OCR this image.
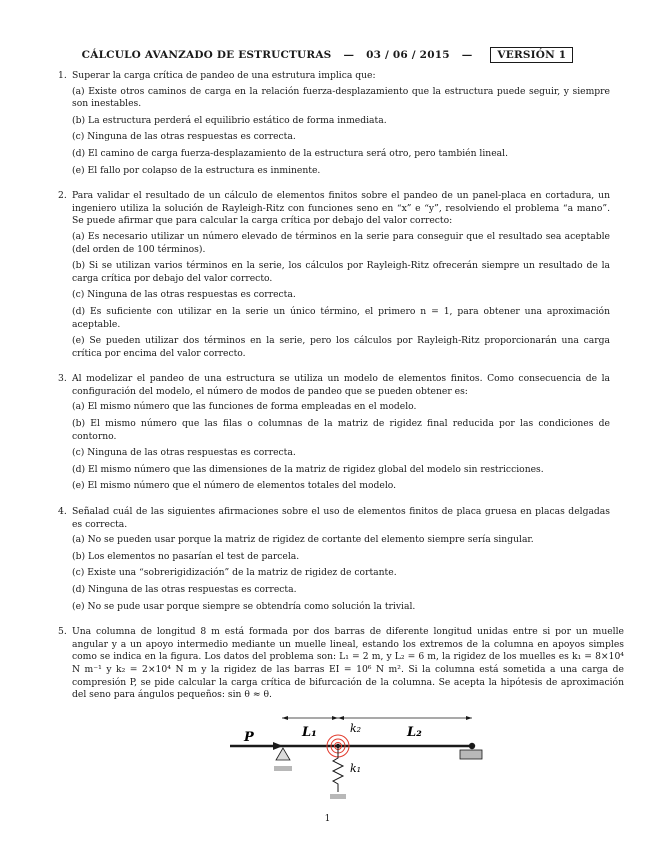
CÁLCULO AVANZADO DE ESTRUCTURAS — 03 / 06 / 2015 —	VERSIÓN 1
1. Superar la carga crítica de pandeo de una estrutura implica que:
(a) Existe otros caminos de carga en la relación fuerza-desplazamiento que la estructura puede seguir, y siempre son inestables.
(b) La estructura perderá el equilibrio estático de forma inmediata.
(c) Ninguna de las otras respuestas es correcta.
(d) El camino de carga fuerza-desplazamiento de la estructura será otro, pero también lineal.
(e) El fallo por colapso de la estructura es inminente.
2. Para validar el resultado de un cálculo de elementos finitos sobre el pandeo de un panel-placa en cortadura, un ingeniero utiliza la solución de Rayleigh-Ritz con funciones seno en “x” e “y”, resolviendo el problema “a mano”. Se puede afirmar que para calcular la carga crítica por debajo del valor correcto:
(a) Es necesario utilizar un número elevado de términos en la serie para conseguir que el resultado sea aceptable (del orden de 100 términos).
(b) Si se utilizan varios términos en la serie, los cálculos por Rayleigh-Ritz ofrecerán siempre un resultado de la carga crítica por debajo del valor correcto.
(c) Ninguna de las otras respuestas es correcta.
(d) Es suficiente con utilizar en la serie un único término, el primero n = 1, para obtener una aproximación aceptable.
(e) Se pueden utilizar dos términos en la serie, pero los cálculos por Rayleigh-Ritz proporcionarán una carga crítica por encima del valor correcto.
3. Al modelizar el pandeo de una estructura se utiliza un modelo de elementos finitos. Como consecuencia de la configuración del modelo, el número de modos de pandeo que se pueden obtener es:
(a) El mismo número que las funciones de forma empleadas en el modelo.
(b) El mismo número que las filas o columnas de la matriz de rigidez final reducida por las condiciones de contorno.
(c) Ninguna de las otras respuestas es correcta.
(d) El mismo número que las dimensiones de la matriz de rigidez global del modelo sin restricciones.
(e) El mismo número que el número de elementos totales del modelo.
4. Señalad cuál de las siguientes afirmaciones sobre el uso de elementos finitos de placa gruesa en placas delgadas es correcta.
(a) No se pueden usar porque la matriz de rigidez de cortante del elemento siempre sería singular.
(b) Los elementos no pasarían el test de parcela.
(c) Existe una “sobrerigidización” de la matriz de rigidez de cortante.
(d) Ninguna de las otras respuestas es correcta.
(e) No se pude usar porque siempre se obtendría como solución la trivial.
5. Una columna de longitud 8 m está formada por dos barras de diferente longitud unidas entre si por un muelle angular y a un apoyo intermedio mediante un muelle lineal, estando los extremos de la columna en apoyos simples como se indica en la figura. Los datos del problema son: L₁ = 2 m, y L₂ = 6 m, la rigidez de los muelles es k₁ = 8×10⁴ N m⁻¹ y k₂ = 2×10⁴ N m y la rigidez de las barras EI = 10⁶ N m². Si la columna está sometida a una carga de compresión P, se pide calcular la carga crítica de bifurcación de la columna. Se acepta la hipótesis de aproximación del seno para ángulos pequeños: sin θ ≈ θ.
L₁	L₂
P
k₂
k₁
1
